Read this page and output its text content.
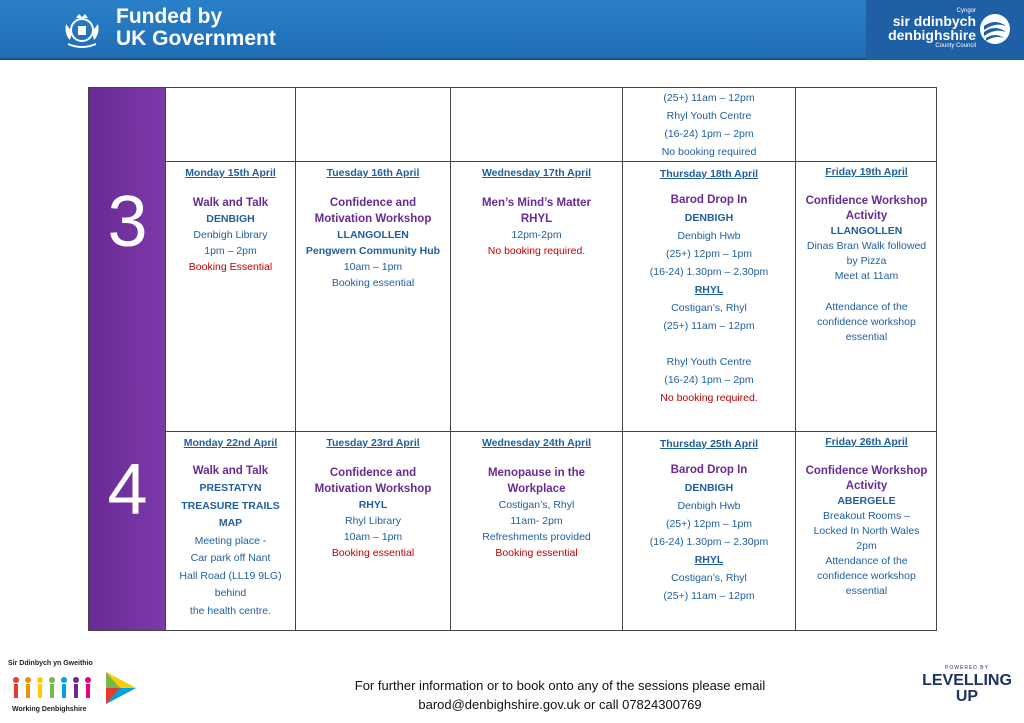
Funded by
UK Government
Cyngor
sir ddinbych
denbighshire
County Council
(25+) 11am – 12pm
Rhyl Youth Centre
(16-24) 1pm – 2pm
No booking required
3
Monday 15th April
Walk and Talk
DENBIGH
Denbigh Library
1pm – 2pm
Booking Essential
Tuesday 16th April
Confidence and
Motivation Workshop
LLANGOLLEN
Pengwern Community Hub
10am – 1pm
Booking essential
Wednesday 17th April
Men’s Mind’s Matter
RHYL
12pm-2pm
No booking required.
Thursday 18th April
Barod Drop In
DENBIGH
Denbigh Hwb
(25+) 12pm – 1pm
(16-24) 1.30pm – 2.30pm
RHYL
Costigan’s, Rhyl
(25+) 11am – 12pm
Rhyl Youth Centre
(16-24) 1pm – 2pm
No booking required.
Friday 19th April
Confidence Workshop
Activity
LLANGOLLEN
Dinas Bran Walk followed
by Pizza
Meet at 11am
Attendance of the
confidence workshop
essential
4
Monday 22nd April
Walk and Talk
PRESTATYN
TREASURE TRAILS
MAP
Meeting place -
Car park off Nant
Hall Road (LL19 9LG)
behind
the health centre.
Tuesday 23rd April
Confidence and
Motivation Workshop
RHYL
Rhyl Library
10am – 1pm
Booking essential
Wednesday 24th April
Menopause in the
Workplace
Costigan’s, Rhyl
11am- 2pm
Refreshments provided
Booking essential
Thursday 25th April
Barod Drop In
DENBIGH
Denbigh Hwb
(25+) 12pm – 1pm
(16-24) 1.30pm – 2.30pm
RHYL
Costigan’s, Rhyl
(25+) 11am – 12pm
Friday 26th April
Confidence Workshop
Activity
ABERGELE
Breakout Rooms –
Locked In North Wales
2pm
Attendance of the
confidence workshop
essential
Sir Ddinbych yn Gweithio
Working Denbighshire
For further information or to book onto any of the sessions please email
barod@denbighshire.gov.uk or call 07824300769
POWERED BY
LEVELLING
UP
